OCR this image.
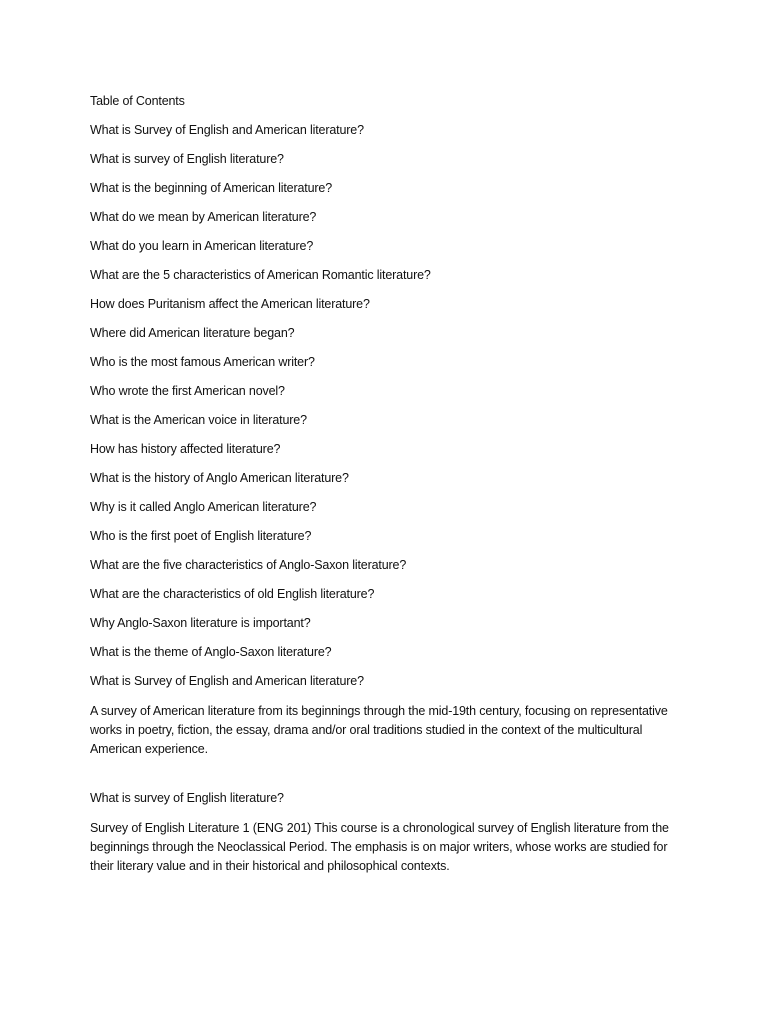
Table of Contents
What is Survey of English and American literature?
What is survey of English literature?
What is the beginning of American literature?
What do we mean by American literature?
What do you learn in American literature?
What are the 5 characteristics of American Romantic literature?
How does Puritanism affect the American literature?
Where did American literature began?
Who is the most famous American writer?
Who wrote the first American novel?
What is the American voice in literature?
How has history affected literature?
What is the history of Anglo American literature?
Why is it called Anglo American literature?
Who is the first poet of English literature?
What are the five characteristics of Anglo-Saxon literature?
What are the characteristics of old English literature?
Why Anglo-Saxon literature is important?
What is the theme of Anglo-Saxon literature?

What is Survey of English and American literature?

A survey of American literature from its beginnings through the mid-19th century, focusing on representative works in poetry, fiction, the essay, drama and/or oral traditions studied in the context of the multicultural American experience.

What is survey of English literature?

Survey of English Literature 1 (ENG 201) This course is a chronological survey of English literature from the beginnings through the Neoclassical Period. The emphasis is on major writers, whose works are studied for their literary value and in their historical and philosophical contexts.
